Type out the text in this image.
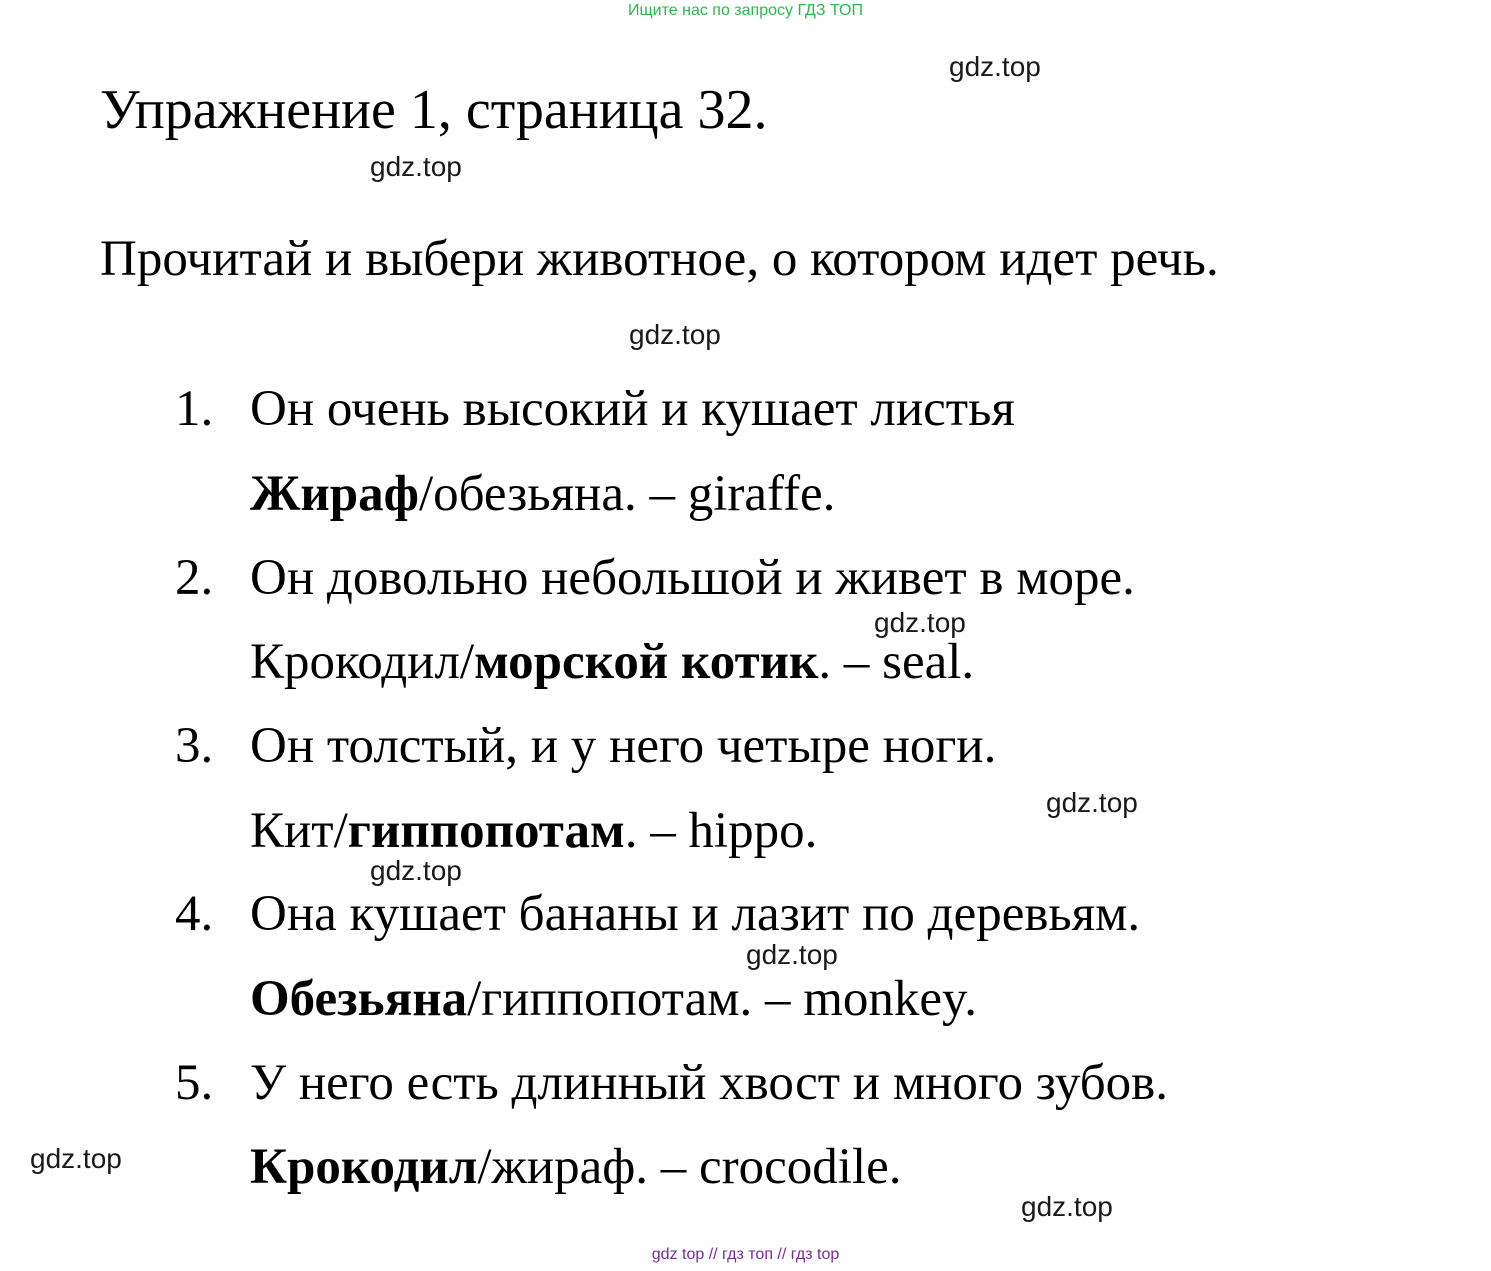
Ищите нас по запросу ГДЗ ТОП
gdz.top
Упражнение 1, страница 32.
gdz.top
Прочитай и выбери животное, о котором идет речь.
gdz.top
1. Он очень высокий и кушает листья
Жираф/обезьяна. – giraffe.
2. Он довольно небольшой и живет в море.
gdz.top
Крокодил/морской котик. – seal.
3. Он толстый, и у него четыре ноги.
gdz.top
Кит/гиппопотам. – hippo.
gdz.top
4. Она кушает бананы и лазит по деревьям.
gdz.top
Обезьяна/гиппопотам. – monkey.
5. У него есть длинный хвост и много зубов.
gdz.top	Крокодил/жираф. – crocodile.
gdz.top
gdz top // гдз топ // гдз top
